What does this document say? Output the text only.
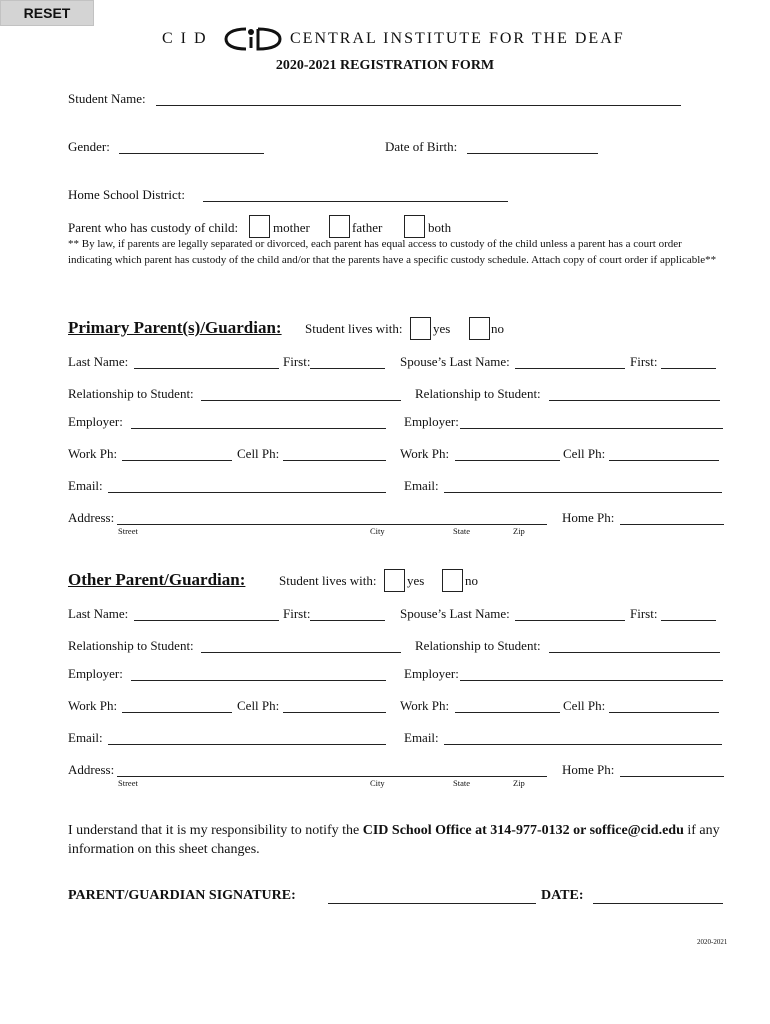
RESET
C I D	CENTRAL INSTITUTE FOR THE DEAF
2020-2021 REGISTRATION FORM
Student Name:
Gender:	Date of Birth:
Home School District:
Parent who has custody of child:	mother	father	both
** By law, if parents are legally separated or divorced, each parent has equal access to custody of the child unless a parent has a court order indicating which parent has custody of the child and/or that the parents have a specific custody schedule. Attach copy of court order if applicable**
Primary Parent(s)/Guardian: Student lives with: yes	no
Last Name:	First:	Spouse’s Last Name:	First:
Relationship to Student:	Relationship to Student:
Employer:	Employer:
Work Ph:	Cell Ph:	Work Ph:	Cell Ph:
Email:	Email:
Address:	Home Ph:
Street	City	State	Zip
Other Parent/Guardian:	Student lives with: yes	no
Last Name:	First:	Spouse’s Last Name:	First:
Relationship to Student:	Relationship to Student:
Employer:	Employer:
Work Ph:	Cell Ph:	Work Ph:	Cell Ph:
Email:	Email:
Address:	Home Ph:
Street	City	State	Zip
I understand that it is my responsibility to notify the CID School Office at 314-977-0132 or soffice@cid.edu if any information on this sheet changes.
PARENT/GUARDIAN SIGNATURE:	DATE:
2020-2021
